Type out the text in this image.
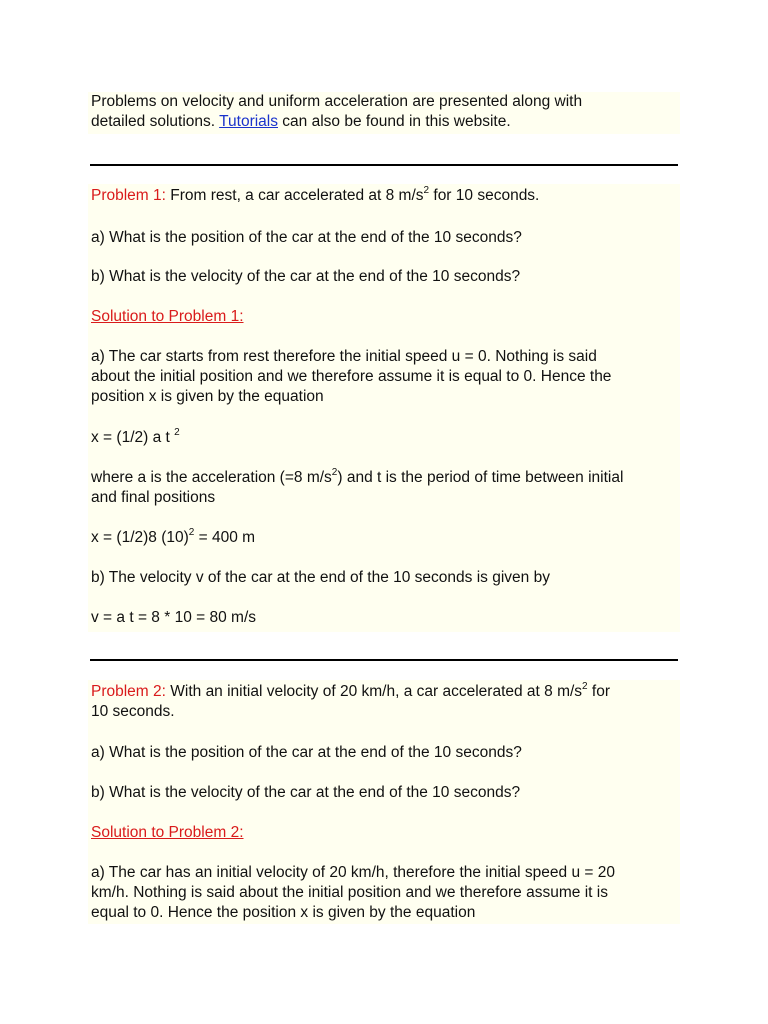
Problems on velocity and uniform acceleration are presented along with
detailed solutions. Tutorials can also be found in this website.

Problem 1: From rest, a car accelerated at 8 $m/s^2$ for 10 seconds.

a) What is the position of the car at the end of the 10 seconds?

b) What is the velocity of the car at the end of the 10 seconds?

Solution to Problem 1:

a) The car starts from rest therefore the initial speed u = 0. Nothing is said
about the initial position and we therefore assume it is equal to 0. Hence the
position x is given by the equation

x = (1/2) a t $^2$

where a is the acceleration (=8 $m/s^2$) and t is the period of time between initial
and final positions

x = (1/2)8 $(10)^2 = 400$ m

b) The velocity v of the car at the end of the 10 seconds is given by

v = a t = 8 * 10 = 80 m/s

Problem 2: With an initial velocity of 20 km/h, a car accelerated at 8 $m/s^2$ for
10 seconds.

a) What is the position of the car at the end of the 10 seconds?

b) What is the velocity of the car at the end of the 10 seconds?

Solution to Problem 2:

a) The car has an initial velocity of 20 km/h, therefore the initial speed u = 20
km/h. Nothing is said about the initial position and we therefore assume it is
equal to 0. Hence the position x is given by the equation
